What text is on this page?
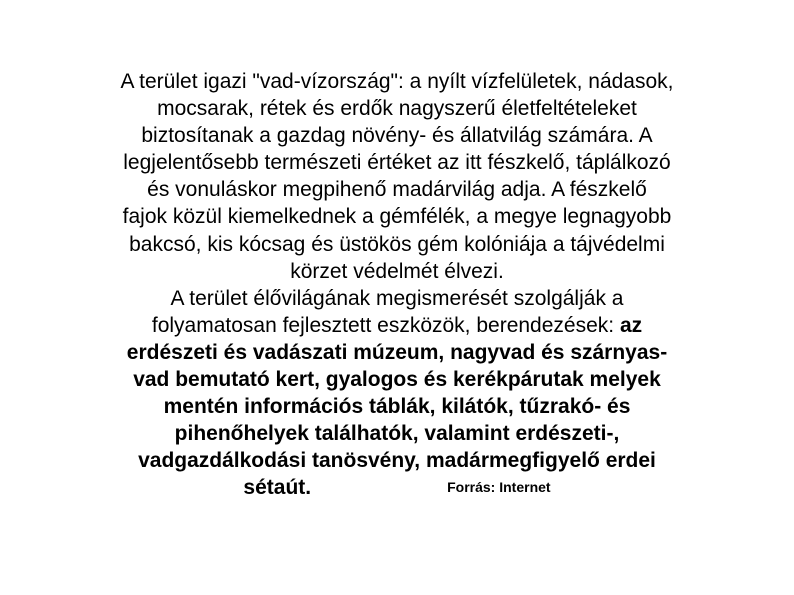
A terület igazi "vad-vízország": a nyílt vízfelületek, nádasok,
mocsarak, rétek és erdők nagyszerű életfeltételeket
biztosítanak a gazdag növény- és állatvilág számára. A
legjelentősebb természeti értéket az itt fészkelő, táplálkozó
és vonuláskor megpihenő madárvilág adja. A fészkelő
fajok közül kiemelkednek a gémfélék, a megye legnagyobb
bakcsó, kis kócsag és üstökös gém kolóniája a tájvédelmi
körzet védelmét élvezi.
A terület élővilágának megismerését szolgálják a
folyamatosan fejlesztett eszközök, berendezések: az
erdészeti és vadászati múzeum, nagyvad és szárnyas-
vad bemutató kert, gyalogos és kerékpárutak melyek
mentén információs táblák, kilátók, tűzrakó- és
pihenőhelyek találhatók, valamint erdészeti-,
vadgazdálkodási tanösvény, madármegfigyelő erdei
sétaút.	Forrás: Internet
